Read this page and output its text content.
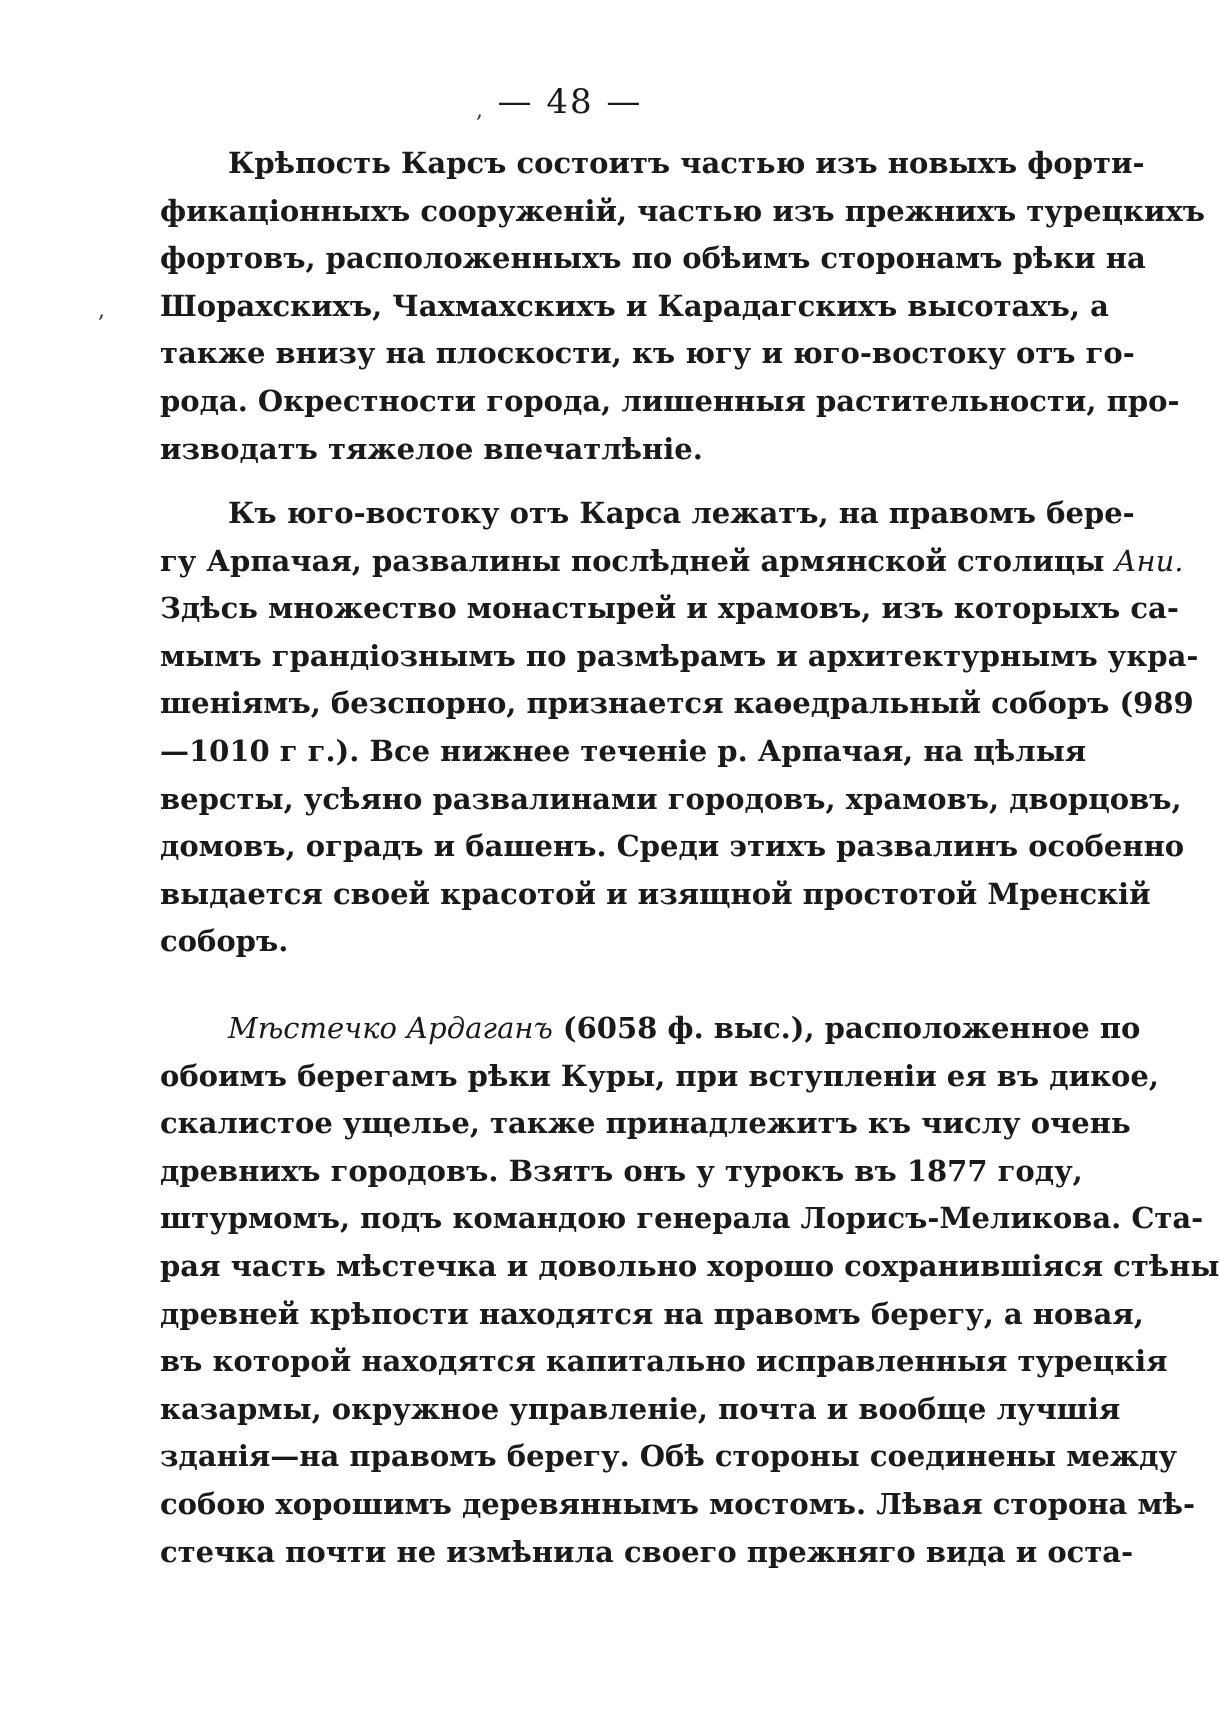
— 48 —
Крѣпость Карсъ состоитъ частью изъ новыхъ форти-
фикаціонныхъ сооруженій, частью изъ прежнихъ турецкихъ
фортовъ, расположенныхъ по обѣимъ сторонамъ рѣки на
Шорахскихъ, Чахмахскихъ и Карадагскихъ высотахъ, а
также внизу на плоскости, къ югу и юго-востоку отъ го-
рода. Окрестности города, лишенныя растительности, про-
изводатъ тяжелое впечатлѣніе.
Къ юго-востоку отъ Карса лежатъ, на правомъ бере-
гу Арпачая, развалины послѣдней армянской столицы Ани.
Здѣсь множество монастырей и храмовъ, изъ которыхъ са-
мымъ грандіознымъ по размѣрамъ и архитектурнымъ укра-
шеніямъ, безспорно, признается каѳедральный соборъ (989
—1010 г г.). Все нижнее теченіе р. Арпачая, на цѣлыя
версты, усѣяно развалинами городовъ, храмовъ, дворцовъ,
домовъ, оградъ и башенъ. Среди этихъ развалинъ особенно
выдается своей красотой и изящной простотой Мренскій
соборъ.
Мѣстечко Ардаганъ (6058 ф. выс.), расположенное по
обоимъ берегамъ рѣки Куры, при вступленіи ея въ дикое,
скалистое ущелье, также принадлежитъ къ числу очень
древнихъ городовъ. Взятъ онъ у турокъ въ 1877 году,
штурмомъ, подъ командою генерала Лорисъ-Меликова. Ста-
рая часть мѣстечка и довольно хорошо сохранившіяся стѣны
древней крѣпости находятся на правомъ берегу, а новая,
въ которой находятся капитально исправленныя турецкія
казармы, окружное управленіе, почта и вообще лучшія
зданія—на правомъ берегу. Обѣ стороны соединены между
собою хорошимъ деревяннымъ мостомъ. Лѣвая сторона мѣ-
стечка почти не измѣнила своего прежняго вида и оста-
,
,
